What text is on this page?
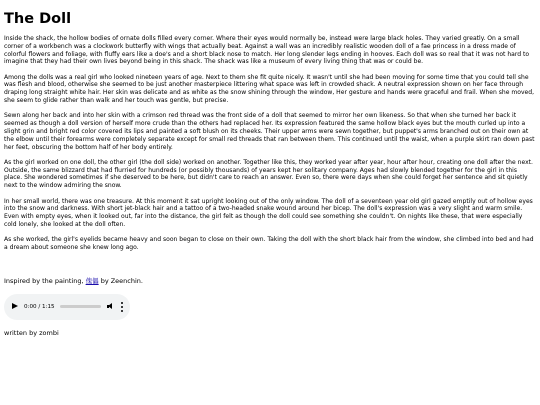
The Doll

Inside the shack, the hollow bodies of ornate dolls filled every corner. Where their eyes would normally be, instead were large black holes. They varied greatly. On a small corner of a workbench was a clockwork butterfly with wings that actually beat. Against a wall was an incredibly realistic wooden doll of a fae princess in a dress made of colorful flowers and foliage, with fluffy ears like a doe's and a short black nose to match. Her long slender legs ending in hooves. Each doll was so real that it was not hard to imagine that they had their own lives beyond being in this shack. The shack was like a museum of every living thing that was or could be.

Among the dolls was a real girl who looked nineteen years of age. Next to them she fit quite nicely. It wasn't until she had been moving for some time that you could tell she was flesh and blood, otherwise she seemed to be just another masterpiece littering what space was left in crowded shack. A neutral expression shown on her face through draping long straight white hair. Her skin was delicate and as white as the snow shining through the window, Her gesture and hands were graceful and frail. When she moved, she seem to glide rather than walk and her touch was gentle, but precise.

Sewn along her back and into her skin with a crimson red thread was the front side of a doll that seemed to mirror her own likeness. So that when she turned her back it seemed as though a doll version of herself more crude than the others had replaced her. Its expression featured the same hollow black eyes but the mouth curled up into a slight grin and bright red color covered its lips and painted a soft blush on its cheeks. Their upper arms were sewn together, but puppet's arms branched out on their own at the elbow until their forearms were completely separate except for small red threads that ran between them. This continued until the waist, when a purple skirt ran down past her feet, obscuring the bottom half of her body entirely.

As the girl worked on one doll, the other girl (the doll side) worked on another. Together like this, they worked year after year, hour after hour, creating one doll after the next. Outside, the same blizzard that had flurried for hundreds (or possibly thousands) of years kept her solitary company. Ages had slowly blended together for the girl in this place. She wondered sometimes if she deserved to be here, but didn't care to reach an answer. Even so, there were days when she could forget her sentence and sit quietly next to the window admiring the snow.

In her small world, there was one treasure. At this moment it sat upright looking out of the only window. The doll of a seventeen year old girl gazed emptily out of hollow eyes into the snow and darkness. With short jet-black hair and a tattoo of a two-headed snake wound around her bicep. The doll's expression was a very slight and warm smile. Even with empty eyes, when it looked out, far into the distance, the girl felt as though the doll could see something she couldn't. On nights like these, that were especially cold lonely, she looked at the doll often.

As she worked, the girl's eyelids became heavy and soon began to close on their own. Taking the doll with the short black hair from the window, she climbed into bed and had a dream about someone she knew long ago.

Inspired by the painting, 傀儡 by Zeenchin.
0:00 / 1:15
written by zombi
